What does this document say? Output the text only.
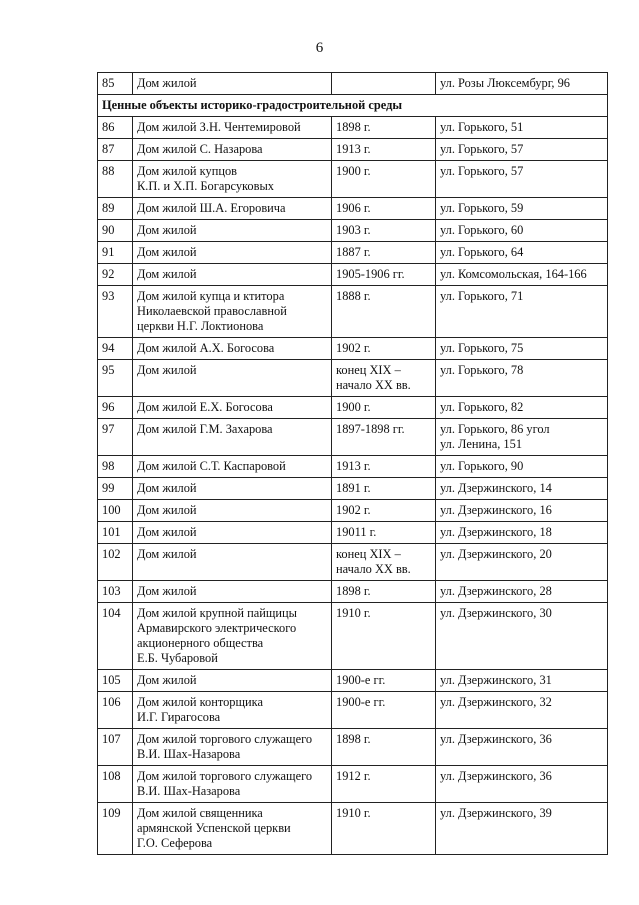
6
85	Дом жилой		ул. Розы Люксембург, 96

Ценные объекты историко-градостроительной среды			
86	Дом жилой З.Н. Чентемировой	1898 г.	ул. Горького, 51

87	Дом жилой С. Назарова	1913 г.	ул. Горького, 57

88	Дом жилой купцов
К.П. и Х.П. Богарсуковых	1900 г.	ул. Горького, 57

89	Дом жилой Ш.А. Егоровича	1906 г.	ул. Горького, 59

90	Дом жилой	1903 г.	ул. Горького, 60

91	Дом жилой	1887 г.	ул. Горького, 64

92	Дом жилой	1905-1906 гг.	ул. Комсомольская, 164-166

93	Дом жилой купца и ктитора
Николаевской православной
церкви Н.Г. Локтионова	1888 г.	ул. Горького, 71

94	Дом жилой А.Х. Богосова	1902 г.	ул. Горького, 75

95	Дом жилой	конец XIX –
начало XX вв.	ул. Горького, 78

96	Дом жилой Е.Х. Богосова	1900 г.	ул. Горького, 82

97	Дом жилой Г.М. Захарова	1897-1898 гг.	ул. Горького, 86 угол
ул. Ленина, 151

98	Дом жилой С.Т. Каспаровой	1913 г.	ул. Горького, 90

99	Дом жилой	1891 г.	ул. Дзержинского, 14

100	Дом жилой	1902 г.	ул. Дзержинского, 16

101	Дом жилой	19011 г.	ул. Дзержинского, 18

102	Дом жилой	конец XIX –
начало XX вв.	ул. Дзержинского, 20

103	Дом жилой	1898 г.	ул. Дзержинского, 28

104	Дом жилой крупной пайщицы
Армавирского электрического
акционерного общества
Е.Б. Чубаровой	1910 г.	ул. Дзержинского, 30

105	Дом жилой	1900-е гг.	ул. Дзержинского, 31

106	Дом жилой конторщика
И.Г. Гирагосова	1900-е гг.	ул. Дзержинского, 32

107	Дом жилой торгового служащего
В.И. Шах-Назарова	1898 г.	ул. Дзержинского, 36

108	Дом жилой торгового служащего
В.И. Шах-Назарова	1912 г.	ул. Дзержинского, 36

109	Дом жилой священника
армянской Успенской церкви
Г.О. Сеферова	1910 г.	ул. Дзержинского, 39
